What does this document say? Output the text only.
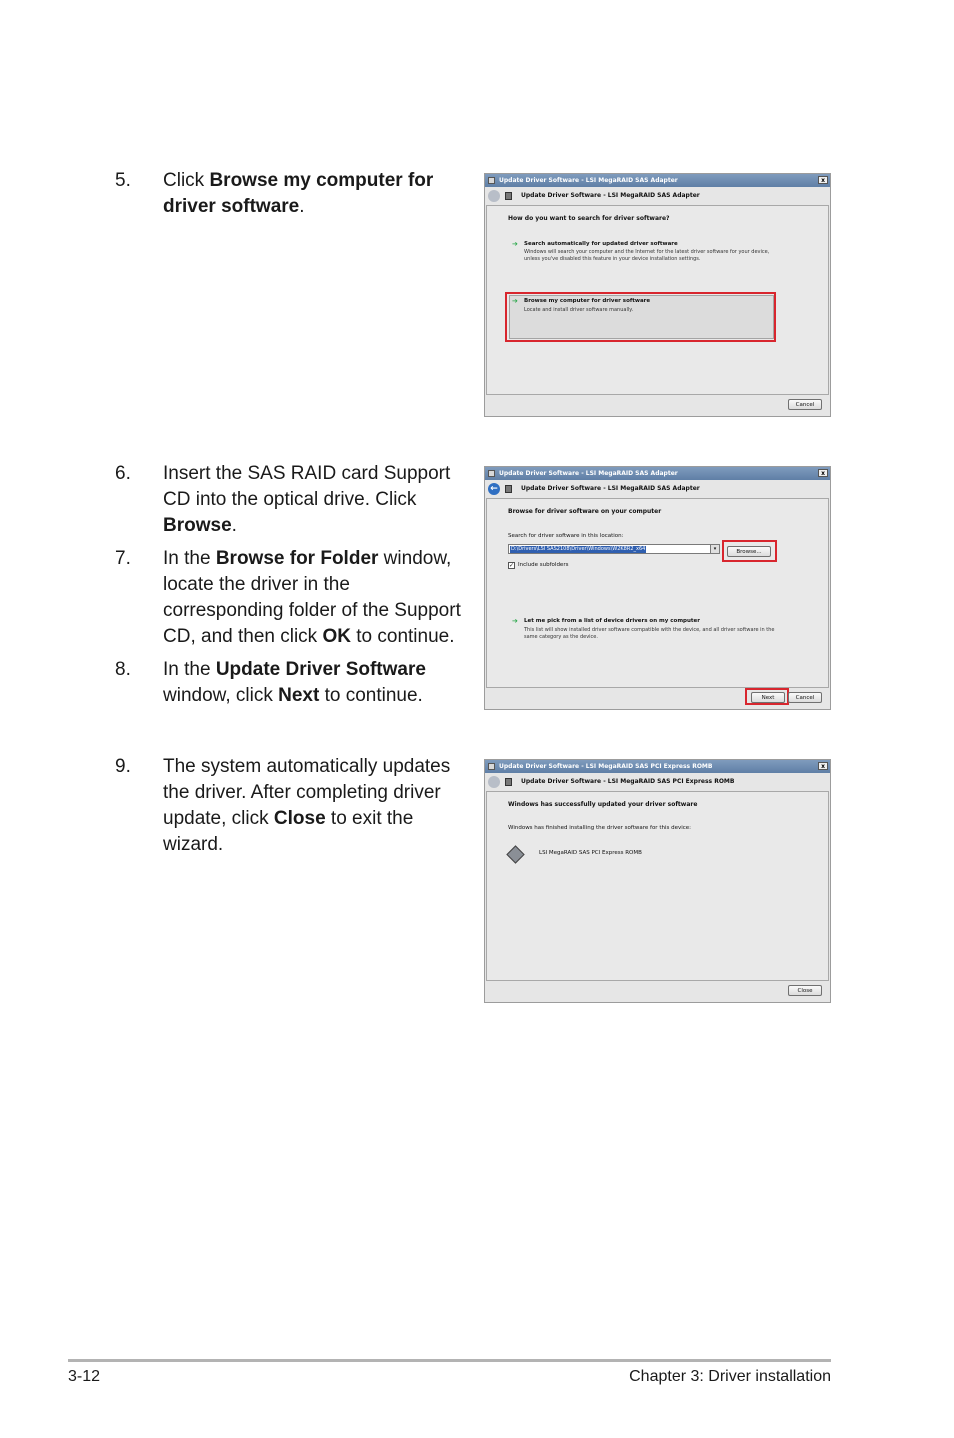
5. Click Browse my computer for driver software.
6. Insert the SAS RAID card Support CD into the optical drive. Click Browse.
7. In the Browse for Folder window, locate the driver in the corresponding folder of the Support CD, and then click OK to continue.
8. In the Update Driver Software window, click Next to continue.
9. The system automatically updates the driver. After completing driver update, click Close to exit the wizard.
Update Driver Software - LSI MegaRAID SAS Adapter	x
Update Driver Software - LSI MegaRAID SAS Adapter
How do you want to search for driver software?
➔ Search automatically for updated driver software
Windows will search your computer and the Internet for the latest driver software for your device, unless you've disabled this feature in your device installation settings.
➔ Browse my computer for driver software
Locate and install driver software manually.
Cancel
Update Driver Software - LSI MegaRAID SAS Adapter	x
←	Update Driver Software - LSI MegaRAID SAS Adapter
Browse for driver software on your computer
Search for driver software in this location:
D:\Drivers\LSI SAS2108\Driver\Windows\W2K8R2_x64	▾
✓ Include subfolders
➔ Let me pick from a list of device drivers on my computer
This list will show installed driver software compatible with the device, and all driver software in the same category as the device.
Browse...
Next	Cancel
Update Driver Software - LSI MegaRAID SAS PCI Express ROMB	x
Update Driver Software - LSI MegaRAID SAS PCI Express ROMB
Windows has successfully updated your driver software
Windows has finished installing the driver software for this device:
LSI MegaRAID SAS PCI Express ROMB
Close
3-12	Chapter 3: Driver installation
